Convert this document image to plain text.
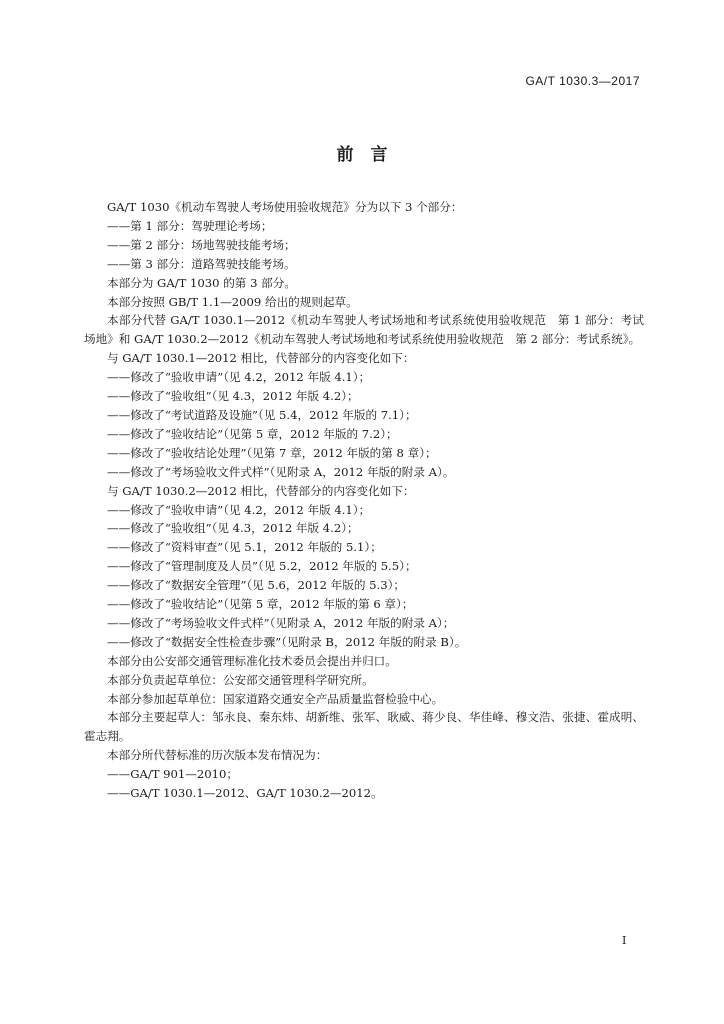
GA/T 1030.3—2017
前　言

GA/T 1030《机动车驾驶人考场使用验收规范》分为以下 3 个部分：

——第 1 部分：驾驶理论考场；

——第 2 部分：场地驾驶技能考场；

——第 3 部分：道路驾驶技能考场。

本部分为 GA/T 1030 的第 3 部分。

本部分按照 GB/T 1.1—2009 给出的规则起草。

本部分代替 GA/T 1030.1—2012《机动车驾驶人考试场地和考试系统使用验收规范　第 1 部分：考试场地》和 GA/T 1030.2—2012《机动车驾驶人考试场地和考试系统使用验收规范　第 2 部分：考试系统》。

与 GA/T 1030.1—2012 相比，代替部分的内容变化如下：

——修改了“验收申请”（见 4.2，2012 年版 4.1）；

——修改了“验收组”（见 4.3，2012 年版 4.2）；

——修改了“考试道路及设施”（见 5.4，2012 年版的 7.1）；

——修改了“验收结论”（见第 5 章，2012 年版的 7.2）；

——修改了“验收结论处理”（见第 7 章，2012 年版的第 8 章）；

——修改了“考场验收文件式样”（见附录 A，2012 年版的附录 A）。

与 GA/T 1030.2—2012 相比，代替部分的内容变化如下：

——修改了“验收申请”（见 4.2，2012 年版 4.1）；

——修改了“验收组”（见 4.3，2012 年版 4.2）；

——修改了“资料审查”（见 5.1，2012 年版的 5.1）；

——修改了“管理制度及人员”（见 5.2，2012 年版的 5.5）；

——修改了“数据安全管理”（见 5.6，2012 年版的 5.3）；

——修改了“验收结论”（见第 5 章，2012 年版的第 6 章）；

——修改了“考场验收文件式样”（见附录 A，2012 年版的附录 A）；

——修改了“数据安全性检查步骤”（见附录 B，2012 年版的附录 B）。

本部分由公安部交通管理标准化技术委员会提出并归口。

本部分负责起草单位：公安部交通管理科学研究所。

本部分参加起草单位：国家道路交通安全产品质量监督检验中心。

本部分主要起草人：邹永良、秦东炜、胡新维、张军、耿威、蒋少良、华佳峰、穆文浩、张捷、霍成明、霍志翔。

本部分所代替标准的历次版本发布情况为：

——GA/T 901—2010；

——GA/T 1030.1—2012、GA/T 1030.2—2012。

I
